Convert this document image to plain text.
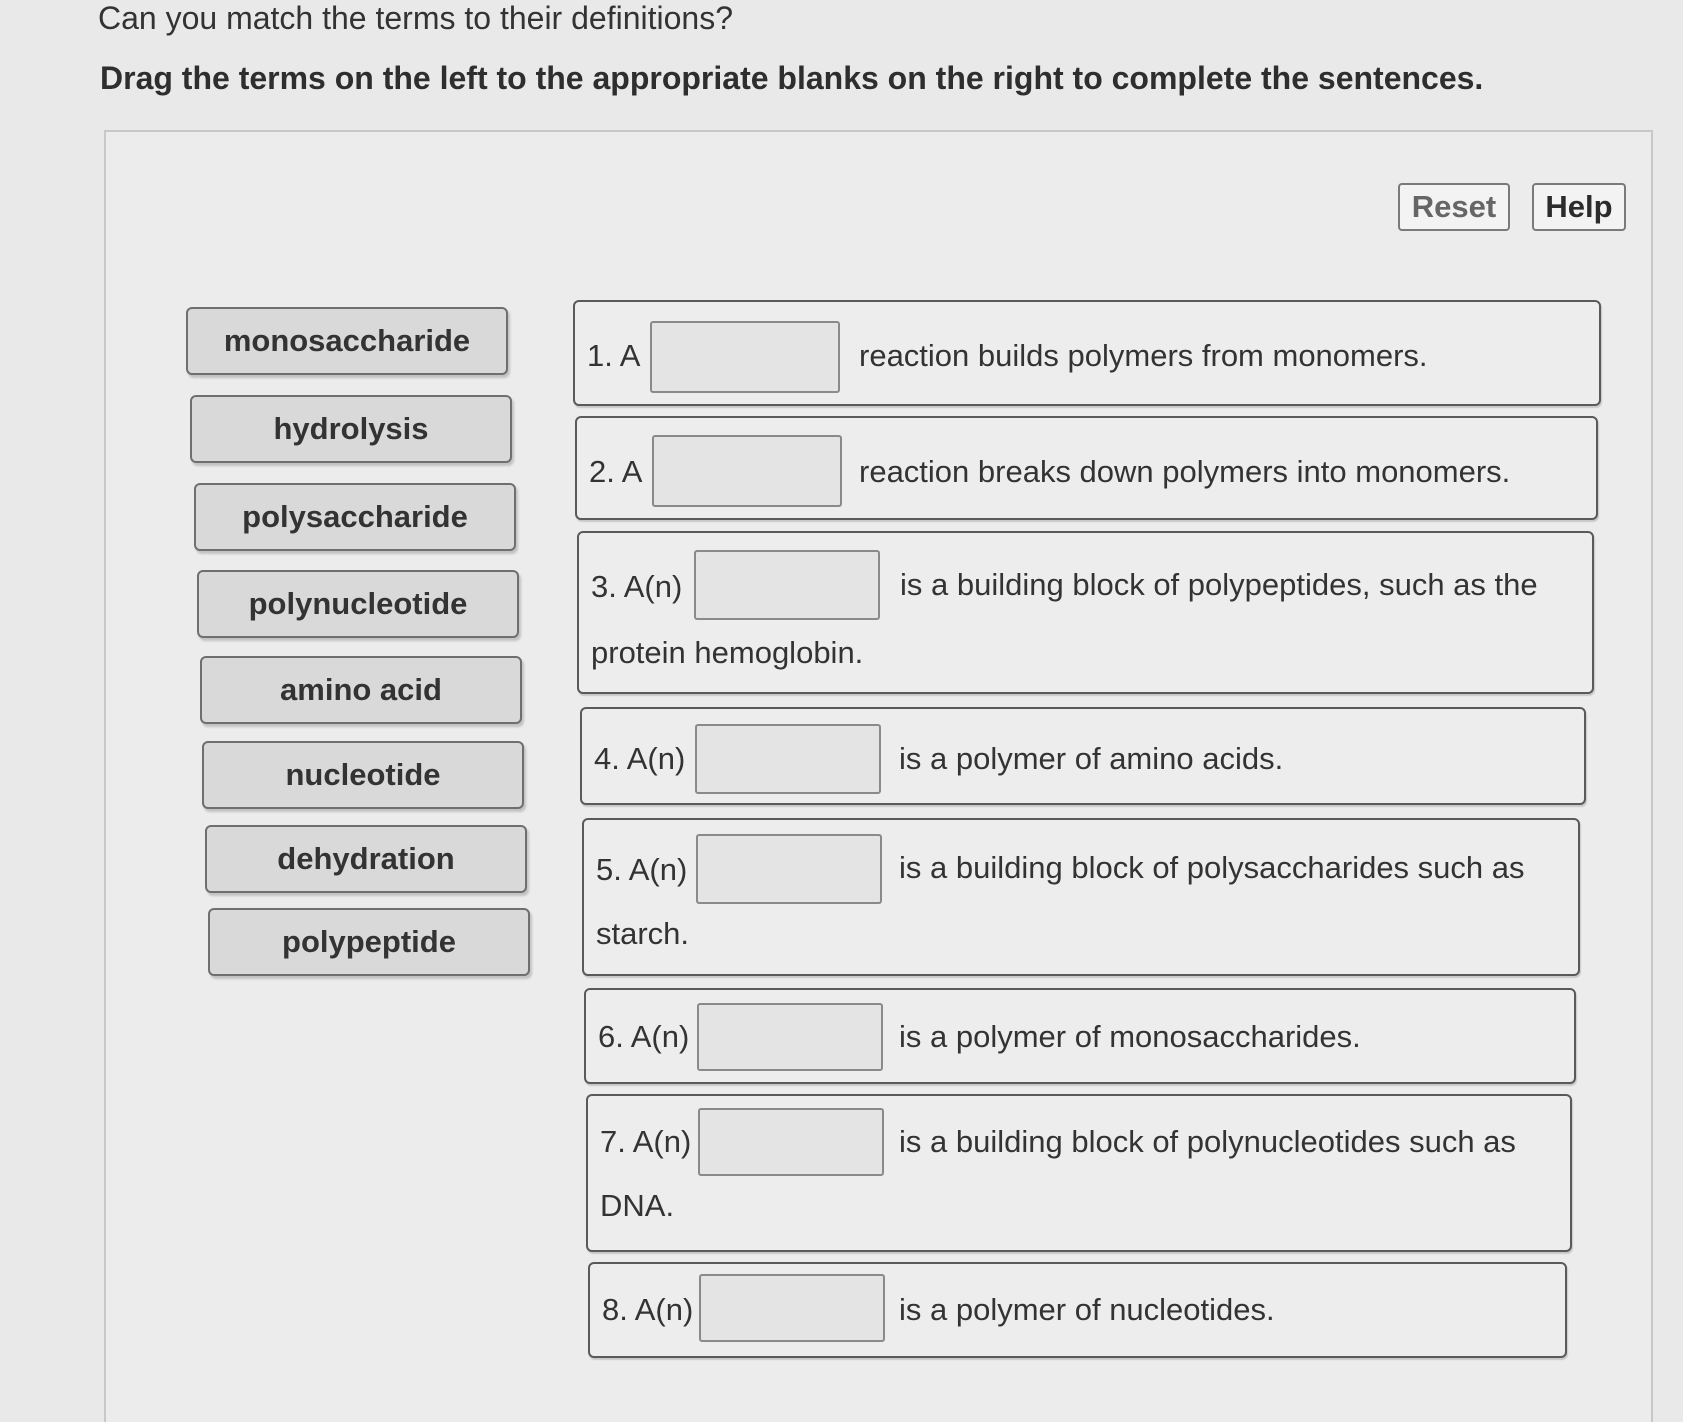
Can you match the terms to their definitions?
Drag the terms on the left to the appropriate blanks on the right to complete the sentences.
Reset	Help
monosaccharide
hydrolysis
polysaccharide
polynucleotide
amino acid
nucleotide
dehydration
polypeptide
1. A	reaction builds polymers from monomers.
2. A	reaction breaks down polymers into monomers.
3. A(n)	is a building block of polypeptides, such as the
protein hemoglobin.
4. A(n)	is a polymer of amino acids.
5. A(n)	is a building block of polysaccharides such as
starch.
6. A(n)	is a polymer of monosaccharides.
7. A(n)	is a building block of polynucleotides such as
DNA.
8. A(n)	is a polymer of nucleotides.
